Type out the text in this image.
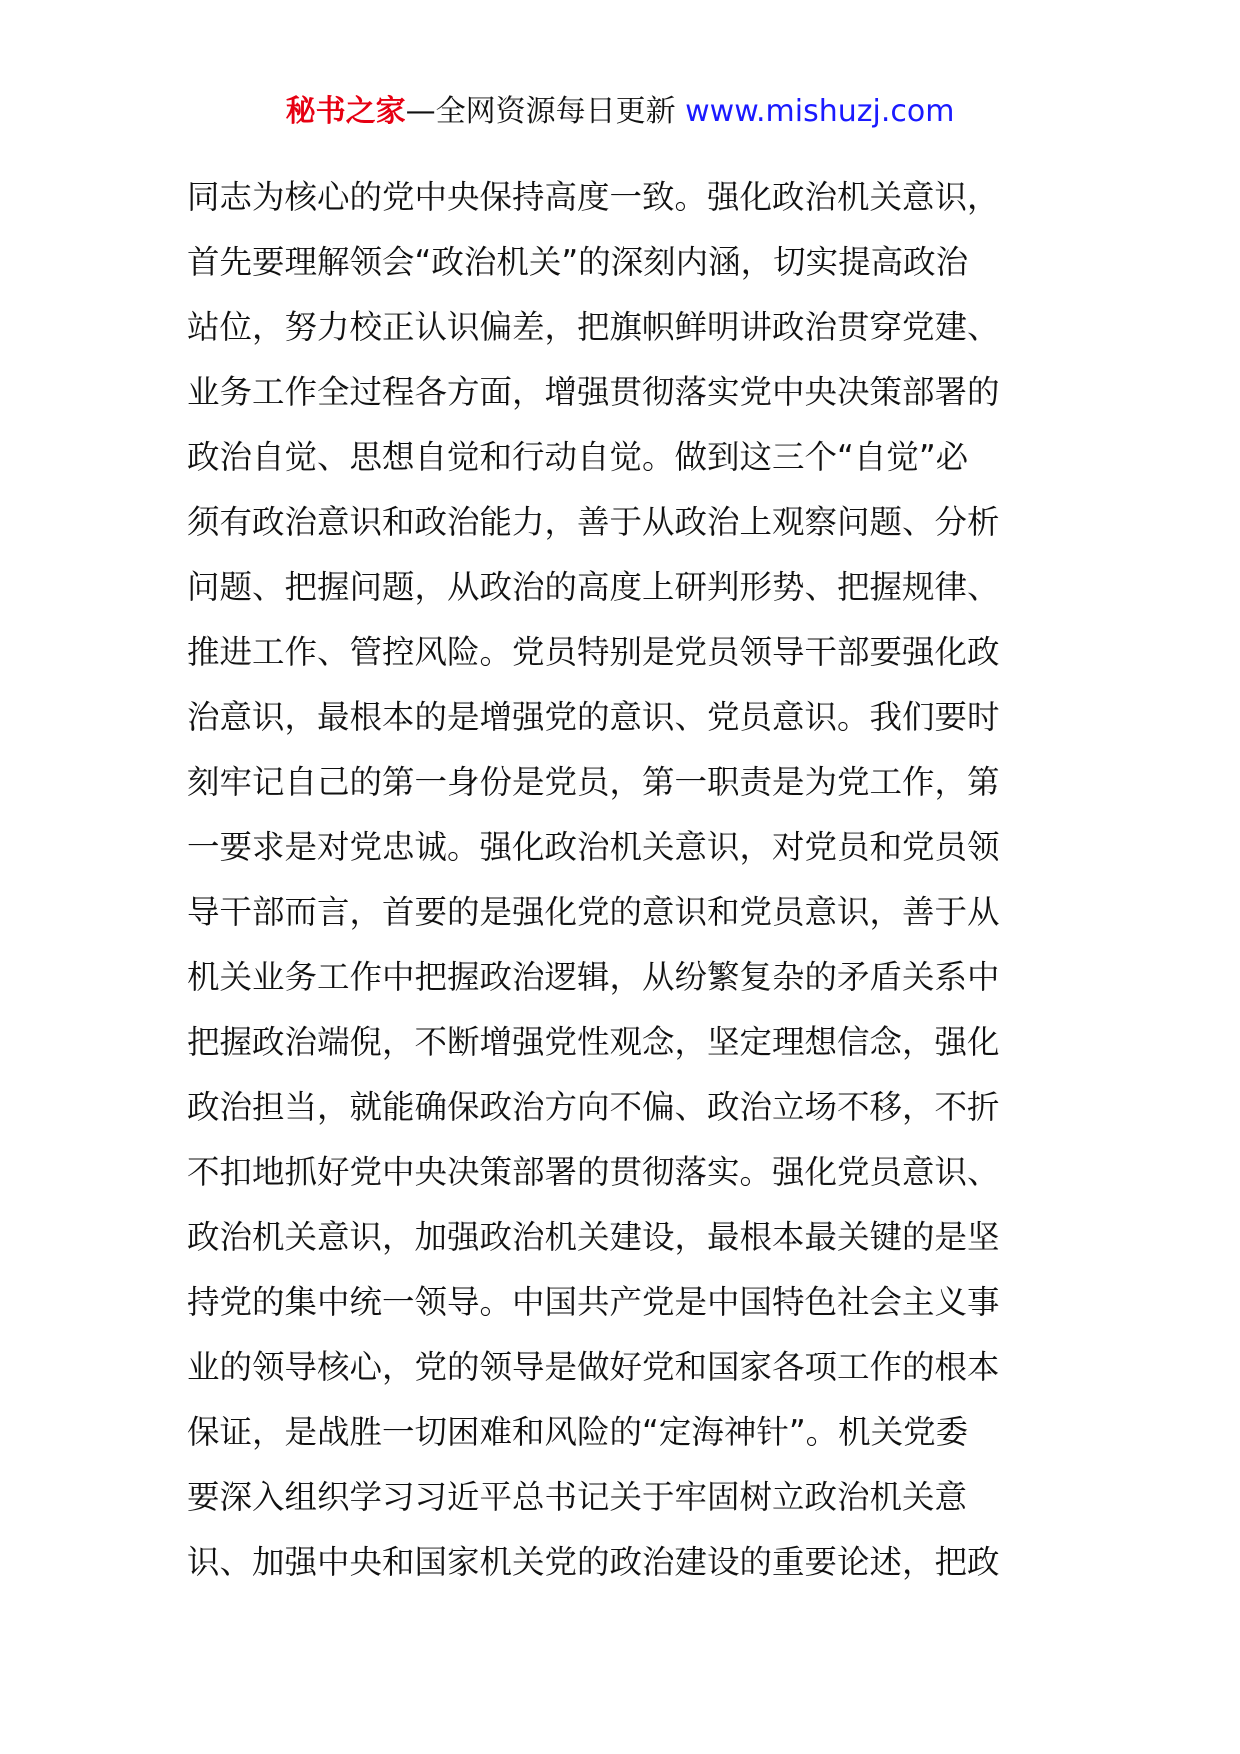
秘书之家—全网资源每日更新 www.mishuzj.com
同志为核心的党中央保持高度一致。强化政治机关意识，
首先要理解领会“政治机关”的深刻内涵，切实提高政治
站位，努力校正认识偏差，把旗帜鲜明讲政治贯穿党建、
业务工作全过程各方面，增强贯彻落实党中央决策部署的
政治自觉、思想自觉和行动自觉。做到这三个“自觉”必
须有政治意识和政治能力，善于从政治上观察问题、分析
问题、把握问题，从政治的高度上研判形势、把握规律、
推进工作、管控风险。党员特别是党员领导干部要强化政
治意识，最根本的是增强党的意识、党员意识。我们要时
刻牢记自己的第一身份是党员，第一职责是为党工作，第
一要求是对党忠诚。强化政治机关意识，对党员和党员领
导干部而言，首要的是强化党的意识和党员意识，善于从
机关业务工作中把握政治逻辑，从纷繁复杂的矛盾关系中
把握政治端倪，不断增强党性观念，坚定理想信念，强化
政治担当，就能确保政治方向不偏、政治立场不移，不折
不扣地抓好党中央决策部署的贯彻落实。强化党员意识、
政治机关意识，加强政治机关建设，最根本最关键的是坚
持党的集中统一领导。中国共产党是中国特色社会主义事
业的领导核心，党的领导是做好党和国家各项工作的根本
保证，是战胜一切困难和风险的“定海神针”。机关党委
要深入组织学习习近平总书记关于牢固树立政治机关意
识、加强中央和国家机关党的政治建设的重要论述，把政
